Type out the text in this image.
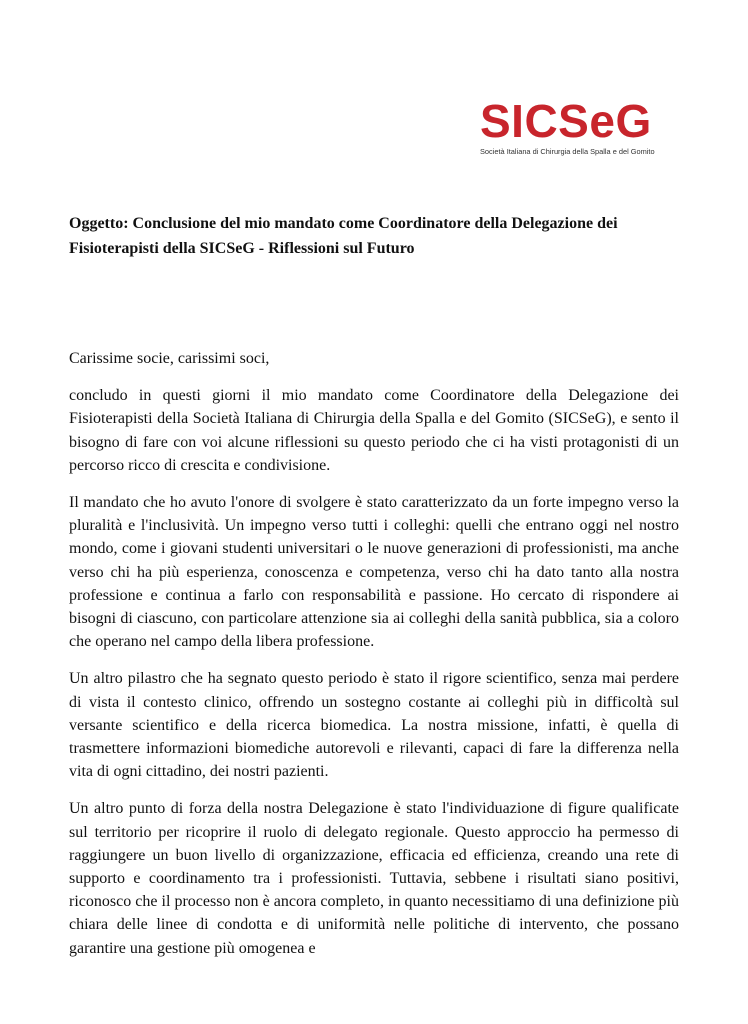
SICSeG
Società Italiana di Chirurgia della Spalla e del Gomito

Oggetto: Conclusione del mio mandato come Coordinatore della Delegazione dei Fisioterapisti della SICSeG - Riflessioni sul Futuro

Carissime socie, carissimi soci,

concludo in questi giorni il mio mandato come Coordinatore della Delegazione dei Fisioterapisti della Società Italiana di Chirurgia della Spalla e del Gomito (SICSeG), e sento il bisogno di fare con voi alcune riflessioni su questo periodo che ci ha visti protagonisti di un percorso ricco di crescita e condivisione.

Il mandato che ho avuto l'onore di svolgere è stato caratterizzato da un forte impegno verso la pluralità e l'inclusività. Un impegno verso tutti i colleghi: quelli che entrano oggi nel nostro mondo, come i giovani studenti universitari o le nuove generazioni di professionisti, ma anche verso chi ha più esperienza, conoscenza e competenza, verso chi ha dato tanto alla nostra professione e continua a farlo con responsabilità e passione. Ho cercato di rispondere ai bisogni di ciascuno, con particolare attenzione sia ai colleghi della sanità pubblica, sia a coloro che operano nel campo della libera professione.

Un altro pilastro che ha segnato questo periodo è stato il rigore scientifico, senza mai perdere di vista il contesto clinico, offrendo un sostegno costante ai colleghi più in difficoltà sul versante scientifico e della ricerca biomedica. La nostra missione, infatti, è quella di trasmettere informazioni biomediche autorevoli e rilevanti, capaci di fare la differenza nella vita di ogni cittadino, dei nostri pazienti.

Un altro punto di forza della nostra Delegazione è stato l'individuazione di figure qualificate sul territorio per ricoprire il ruolo di delegato regionale. Questo approccio ha permesso di raggiungere un buon livello di organizzazione, efficacia ed efficienza, creando una rete di supporto e coordinamento tra i professionisti. Tuttavia, sebbene i risultati siano positivi, riconosco che il processo non è ancora completo, in quanto necessitiamo di una definizione più chiara delle linee di condotta e di uniformità nelle politiche di intervento, che possano garantire una gestione più omogenea e
